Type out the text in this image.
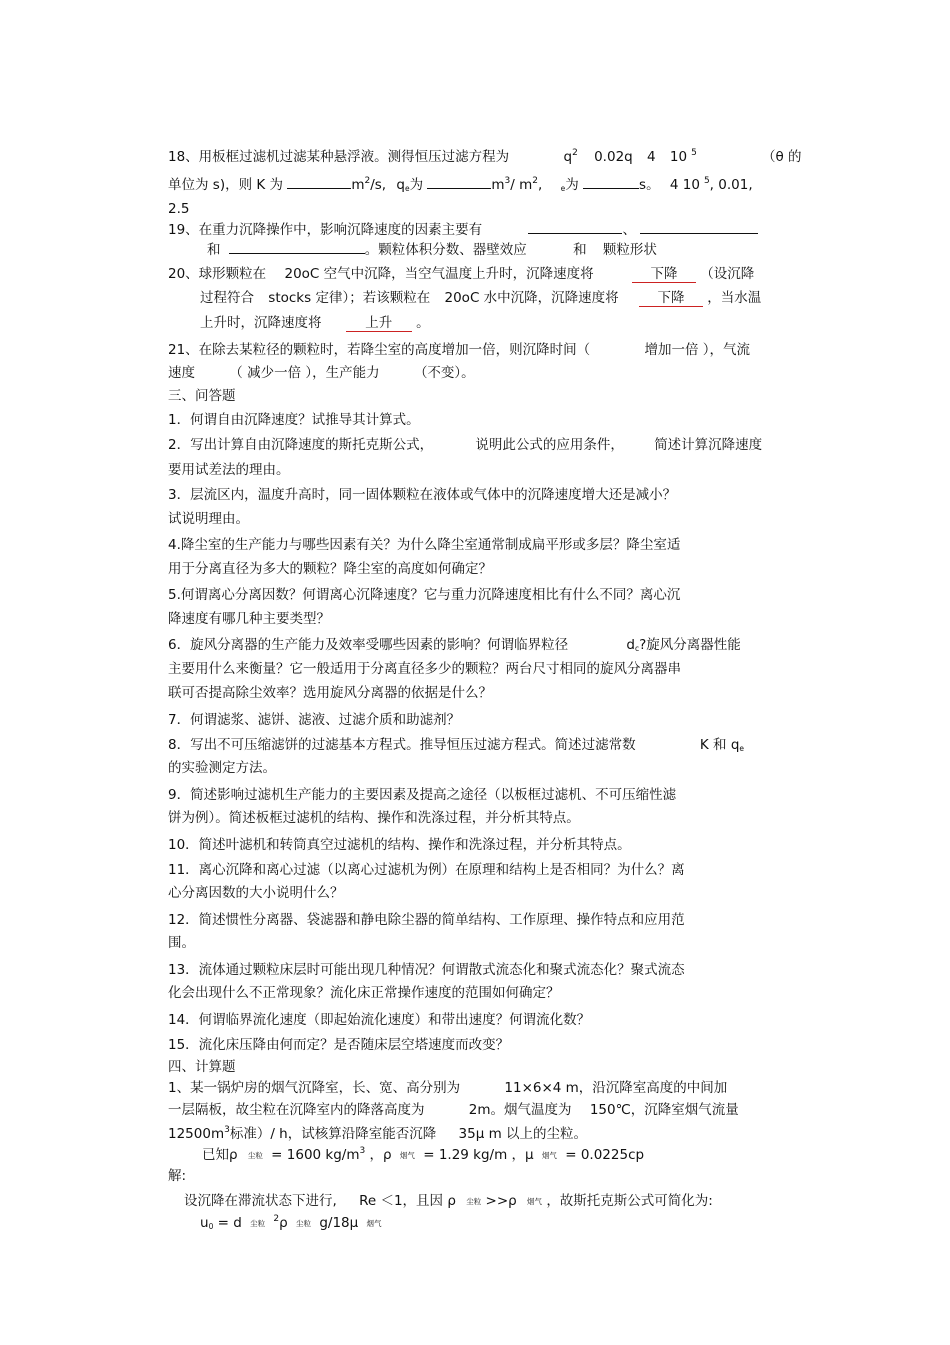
18、用板框过滤机过滤某种悬浮液。测得恒压过滤方程为	$q^2$ 0.02q 4 10 $^5$	（θ 的
单位为 s)，则 K 为	$m^2/s$, $q_e$为	$m^3/$ $m^2$, $_e$为	s。 4 10 $^5$, 0.01,
2.5
19、在重力沉降操作中，影响沉降速度的因素主要有	、
和	。颗粒体积分数、器壁效应	和 颗粒形状
20、球形颗粒在 20oC 空气中沉降，当空气温度上升时，沉降速度将	下降 （设沉降
过程符合 stocks 定律）；若该颗粒在 20oC 水中沉降，沉降速度将	下降 ，当水温
上升时，沉降速度将	上升 。
21、在除去某粒径的颗粒时，若降尘室的高度增加一倍，则沉降时间（	增加一倍 ），气流
速度	（ 减少一倍 ），生产能力	（不变）。
三、问答题
1．何谓自由沉降速度？试推导其计算式。
2．写出计算自由沉降速度的斯托克斯公式，	说明此公式的应用条件， 简述计算沉降速度
要用试差法的理由。
3．层流区内，温度升高时，同一固体颗粒在液体或气体中的沉降速度增大还是减小？
试说明理由。
4.降尘室的生产能力与哪些因素有关？为什么降尘室通常制成扁平形或多层？降尘室适
用于分离直径为多大的颗粒？降尘室的高度如何确定？
5.何谓离心分离因数？何谓离心沉降速度？它与重力沉降速度相比有什么不同？离心沉
降速度有哪几种主要类型？
6．旋风分离器的生产能力及效率受哪些因素的影响？何谓临界粒径	$d_c$?旋风分离器性能
主要用什么来衡量？它一般适用于分离直径多少的颗粒？两台尺寸相同的旋风分离器串
联可否提高除尘效率？选用旋风分离器的依据是什么？
7．何谓滤浆、滤饼、滤液、过滤介质和助滤剂？
8．写出不可压缩滤饼的过滤基本方程式。推导恒压过滤方程式。简述过滤常数	K 和 $q_e$
的实验测定方法。
9．简述影响过滤机生产能力的主要因素及提高之途径（以板框过滤机、不可压缩性滤
饼为例）。简述板框过滤机的结构、操作和洗涤过程，并分析其特点。
10．简述叶滤机和转筒真空过滤机的结构、操作和洗涤过程，并分析其特点。
11．离心沉降和离心过滤（以离心过滤机为例）在原理和结构上是否相同？为什么？离
心分离因数的大小说明什么？
12．简述惯性分离器、袋滤器和静电除尘器的简单结构、工作原理、操作特点和应用范
围。
13．流体通过颗粒床层时可能出现几种情况？何谓散式流态化和聚式流态化？聚式流态
化会出现什么不正常现象？流化床正常操作速度的范围如何确定？
14．何谓临界流化速度（即起始流化速度）和带出速度？何谓流化数？
15．流化床压降由何而定？是否随床层空塔速度而改变？
四、计算题
1、某一锅炉房的烟气沉降室，长、宽、高分别为	11×6×4 m，沿沉降室高度的中间加
一层隔板，故尘粒在沉降室内的降落高度为	2m。烟气温度为 150℃，沉降室烟气流量
$12500m^3$标准）/ h，试核算沿降室能否沉降 35μ m 以上的尘粒。
已知ρ 尘粒 = 1600 $kg/m^3$ ，ρ 烟气 = 1.29 kg/m ，μ 烟气 = 0.0225cp
解:
设沉降在滞流状态下进行, Re ＜1，且因 ρ 尘粒 >>ρ 烟气 ，故斯托克斯公式可简化为:
$u_0 = d$ 尘粒 $^2$ρ 尘粒 g/18μ 烟气
